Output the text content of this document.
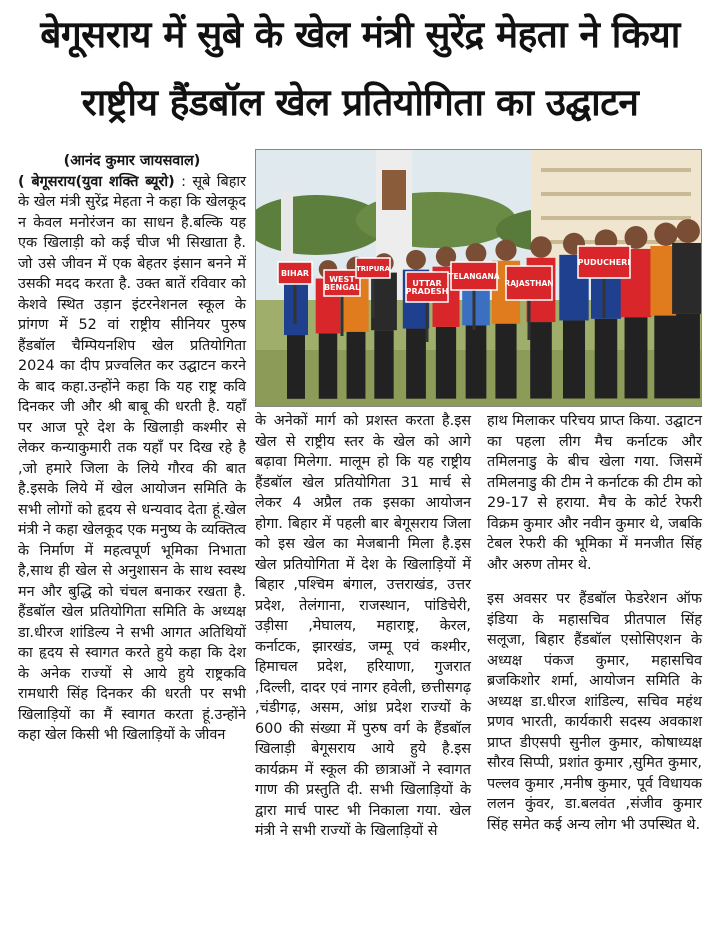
बेगूसराय में सुबे के खेल मंत्री सुरेंद्र मेहता ने किया
राष्ट्रीय हैंडबॉल खेल प्रतियोगिता का उद्घाटन

(आनंद कुमार जायसवाल)

( बेगूसराय(युवा शक्ति ब्यूरो) : सूबे बिहार के खेल मंत्री सुरेंद्र मेहता ने कहा कि खेलकूद न केवल मनोरंजन का साधन है.बल्कि यह एक खिलाड़ी को कई चीज भी सिखाता है. जो उसे जीवन में एक बेहतर इंसान बनने में उसकी मदद करता है. उक्त बातें रविवार को केशवे स्थित उड़ान इंटरनेशनल स्कूल के प्रांगण में 52 वां राष्ट्रीय सीनियर पुरुष हैंडबॉल चैम्पियनशिप खेल प्रतियोगिता 2024 का दीप प्रज्वलित कर उद्घाटन करने के बाद कहा.उन्होंने कहा कि यह राष्ट्र कवि दिनकर जी और श्री बाबू की धरती है. यहाँ पर आज पूरे देश के खिलाड़ी कश्मीर से लेकर कन्याकुमारी तक यहाँ पर दिख रहे है ,जो हमारे जिला के लिये गौरव की बात है.इसके लिये में खेल आयोजन समिति के सभी लोगों को हृदय से धन्यवाद देता हूं.खेल मंत्री ने कहा खेलकूद एक मनुष्य के व्यक्तित्व के निर्माण में महत्वपूर्ण भूमिका निभाता है,साथ ही खेल से अनुशासन के साथ स्वस्थ मन और बुद्धि को चंचल बनाकर रखता है. हैंडबॉल खेल प्रतियोगिता समिति के अध्यक्ष डा.धीरज शांडिल्य ने सभी आगत अतिथियों का हृदय से स्वागत करते हुये कहा कि देश के अनेक राज्यों से आये हुये राष्ट्रकवि रामधारी सिंह दिनकर की धरती पर सभी खिलाड़ियों का मैं स्वागत करता हूं.उन्होंने कहा खेल किसी भी खिलाड़ियों के जीवन

BIHAR
WEST
BENGAL
TRIPURA
UTTAR
PRADESH
TELANGANA
RAJASTHAN
PUDUCHERI

के अनेकों मार्ग को प्रशस्त करता है.इस खेल से राष्ट्रीय स्तर के खेल को आगे बढ़ावा मिलेगा. मालूम हो कि यह राष्ट्रीय हैंडबॉल खेल प्रतियोगिता 31 मार्च से लेकर 4 अप्रैल तक इसका आयोजन होगा. बिहार में पहली बार बेगूसराय जिला को इस खेल का मेजबानी मिला है.इस खेल प्रतियोगिता में देश के खिलाड़ियों में बिहार ,पश्चिम बंगाल, उत्तराखंड, उत्तर प्रदेश, तेलंगाना, राजस्थान, पांडिचेरी, उड़ीसा ,मेघालय, महाराष्ट्र, केरल, कर्नाटक, झारखंड, जम्मू एवं कश्मीर, हिमाचल प्रदेश, हरियाणा, गुजरात ,दिल्ली, दादर एवं नागर हवेली, छत्तीसगढ़ ,चंडीगढ़, असम, आंध्र प्रदेश राज्यों के 600 की संख्या में पुरुष वर्ग के हैंडबॉल खिलाड़ी बेगूसराय आये हुये है.इस कार्यक्रम में स्कूल की छात्राओं ने स्वागत गाण की प्रस्तुति दी. सभी खिलाड़ियों के द्वारा मार्च पास्ट भी निकाला गया. खेल मंत्री ने सभी राज्यों के खिलाड़ियों से

हाथ मिलाकर परिचय प्राप्त किया. उद्घाटन का पहला लीग मैच कर्नाटक और तमिलनाडु के बीच खेला गया. जिसमें तमिलनाडु की टीम ने कर्नाटक की टीम को 29-17 से हराया. मैच के कोर्ट रेफरी विक्रम कुमार और नवीन कुमार थे, जबकि टेबल रेफरी की भूमिका में मनजीत सिंह और अरुण तोमर थे.

इस अवसर पर हैंडबॉल फेडरेशन ऑफ इंडिया के महासचिव प्रीतपाल सिंह सलूजा, बिहार हैंडबॉल एसोसिएशन के अध्यक्ष पंकज कुमार, महासचिव ब्रजकिशोर शर्मा, आयोजन समिति के अध्यक्ष डा.धीरज शांडिल्य, सचिव महंथ प्रणव भारती, कार्यकारी सदस्य अवकाश प्राप्त डीएसपी सुनील कुमार, कोषाध्यक्ष सौरव सिप्पी, प्रशांत कुमार ,सुमित कुमार, पल्लव कुमार ,मनीष कुमार, पूर्व विधायक ललन कुंवर, डा.बलवंत ,संजीव कुमार सिंह समेत कई अन्य लोग भी उपस्थित थे.
